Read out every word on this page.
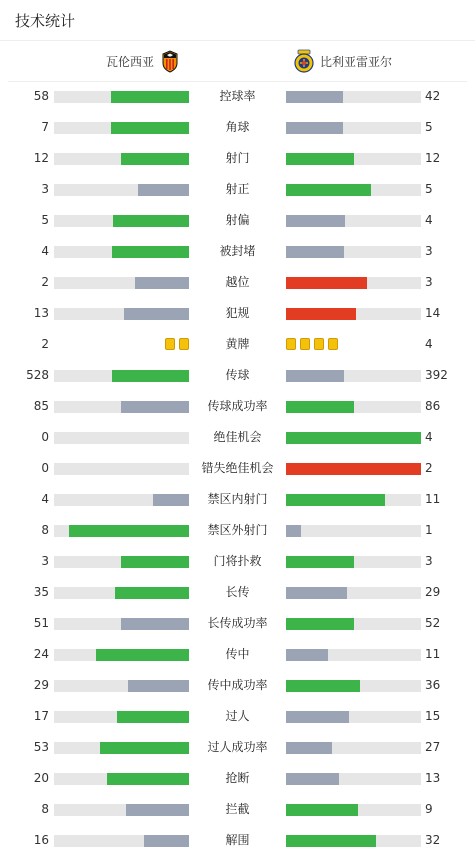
技术统计
瓦伦西亚	比利亚雷亚尔
58	控球率	42
7	角球	5
12	射门	12
3	射正	5
5	射偏	4
4	被封堵	3
2	越位	3
13	犯规	14
2	黄牌	4
528	传球	392
85	传球成功率	86
0	绝佳机会	4
0	错失绝佳机会	2
4	禁区内射门	11
8	禁区外射门	1
3	门将扑救	3
35	长传	29
51	长传成功率	52
24	传中	11
29	传中成功率	36
17	过人	15
53	过人成功率	27
20	抢断	13
8	拦截	9
16	解围	32
